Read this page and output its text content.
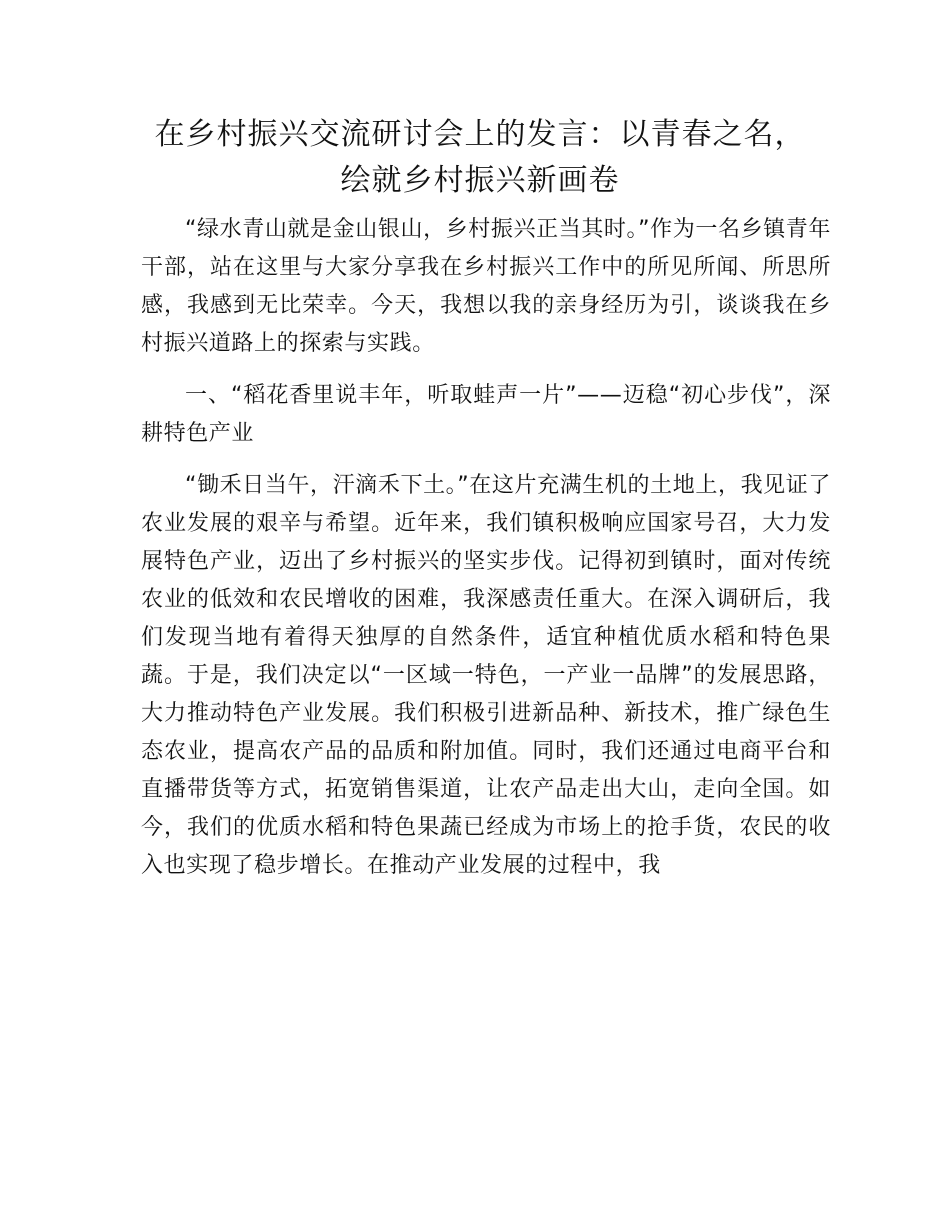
在乡村振兴交流研讨会上的发言：以青春之名，
绘就乡村振兴新画卷

“绿水青山就是金山银山，乡村振兴正当其时。”作为一名乡镇青年干部，站在这里与大家分享我在乡村振兴工作中的所见所闻、所思所感，我感到无比荣幸。今天，我想以我的亲身经历为引，谈谈我在乡村振兴道路上的探索与实践。

一、“稻花香里说丰年，听取蛙声一片”——迈稳“初心步伐”，深耕特色产业

“锄禾日当午，汗滴禾下土。”在这片充满生机的土地上，我见证了农业发展的艰辛与希望。近年来，我们镇积极响应国家号召，大力发展特色产业，迈出了乡村振兴的坚实步伐。记得初到镇时，面对传统农业的低效和农民增收的困难，我深感责任重大。在深入调研后，我们发现当地有着得天独厚的自然条件，适宜种植优质水稻和特色果蔬。于是，我们决定以“一区域一特色，一产业一品牌”的发展思路，大力推动特色产业发展。我们积极引进新品种、新技术，推广绿色生态农业，提高农产品的品质和附加值。同时，我们还通过电商平台和直播带货等方式，拓宽销售渠道，让农产品走出大山，走向全国。如今，我们的优质水稻和特色果蔬已经成为市场上的抢手货，农民的收入也实现了稳步增长。在推动产业发展的过程中，我
